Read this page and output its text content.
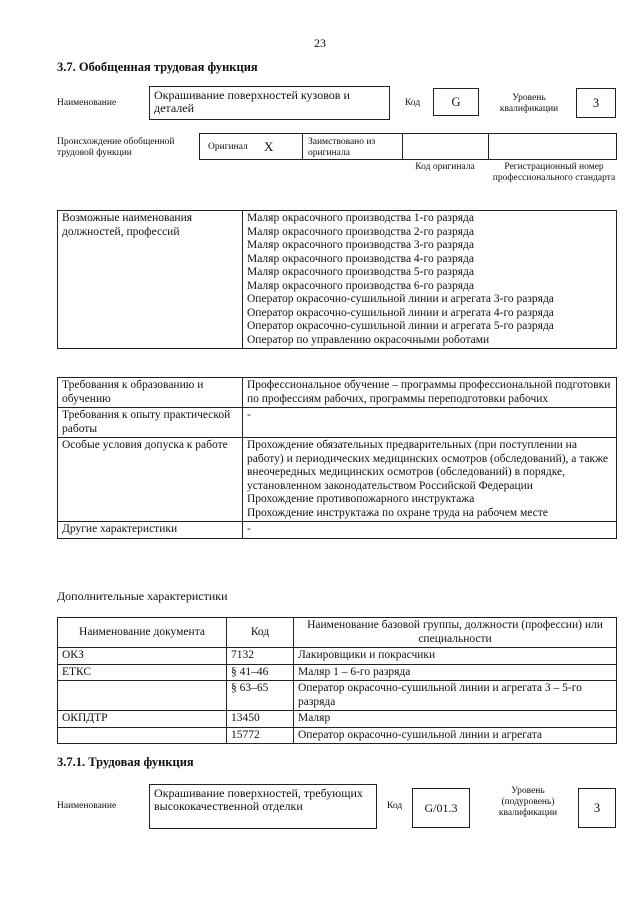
23
3.7. Обобщенная трудовая функция
Наименование
Окрашивание поверхностей кузовов и деталей	Код	G	Уровень квалификации	3
Происхождение обобщенной трудовой функции
Оригинал X	Заимствовано из оригинала
Код оригинала	Регистрационный номер профессионального стандарта
Возможные наименования должностей, профессий	
Маляр окрасочного производства 1-го разряда
Маляр окрасочного производства 2-го разряда
Маляр окрасочного производства 3-го разряда
Маляр окрасочного производства 4-го разряда
Маляр окрасочного производства 5-го разряда
Маляр окрасочного производства 6-го разряда
Оператор окрасочно-сушильной линии и агрегата 3-го разряда
Оператор окрасочно-сушильной линии и агрегата 4-го разряда
Оператор окрасочно-сушильной линии и агрегата 5-го разряда
Оператор по управлению окрасочными роботами
Требования к образованию и обучению	Профессиональное обучение – программы профессиональной подготовки по профессиям рабочих, программы переподготовки рабочих
Требования к опыту практической работы	-
Особые условия допуска к работе	Прохождение обязательных предварительных (при поступлении на работу) и периодических медицинских осмотров (обследований), а также внеочередных медицинских осмотров (обследований) в порядке, установленном законодательством Российской Федерации
Прохождение противопожарного инструктажа
Прохождение инструктажа по охране труда на рабочем месте

Другие характеристики	-
Дополнительные характеристики
Наименование документа	Код	Наименование базовой группы, должности (профессии) или специальности
ОКЗ	7132	Лакировщики и покрасчики
ЕТКС	§ 41–46	Маляр 1 – 6-го разряда
	§ 63–65	Оператор окрасочно-сушильной линии и агрегата 3 – 5-го разряда
ОКПДТР	13450	Маляр
	15772	Оператор окрасочно-сушильной линии и агрегата
3.7.1. Трудовая функция
Наименование
Окрашивание поверхностей, требующих высококачественной отделки	Код	G/01.3
Уровень (подуровень) квалификации	3
